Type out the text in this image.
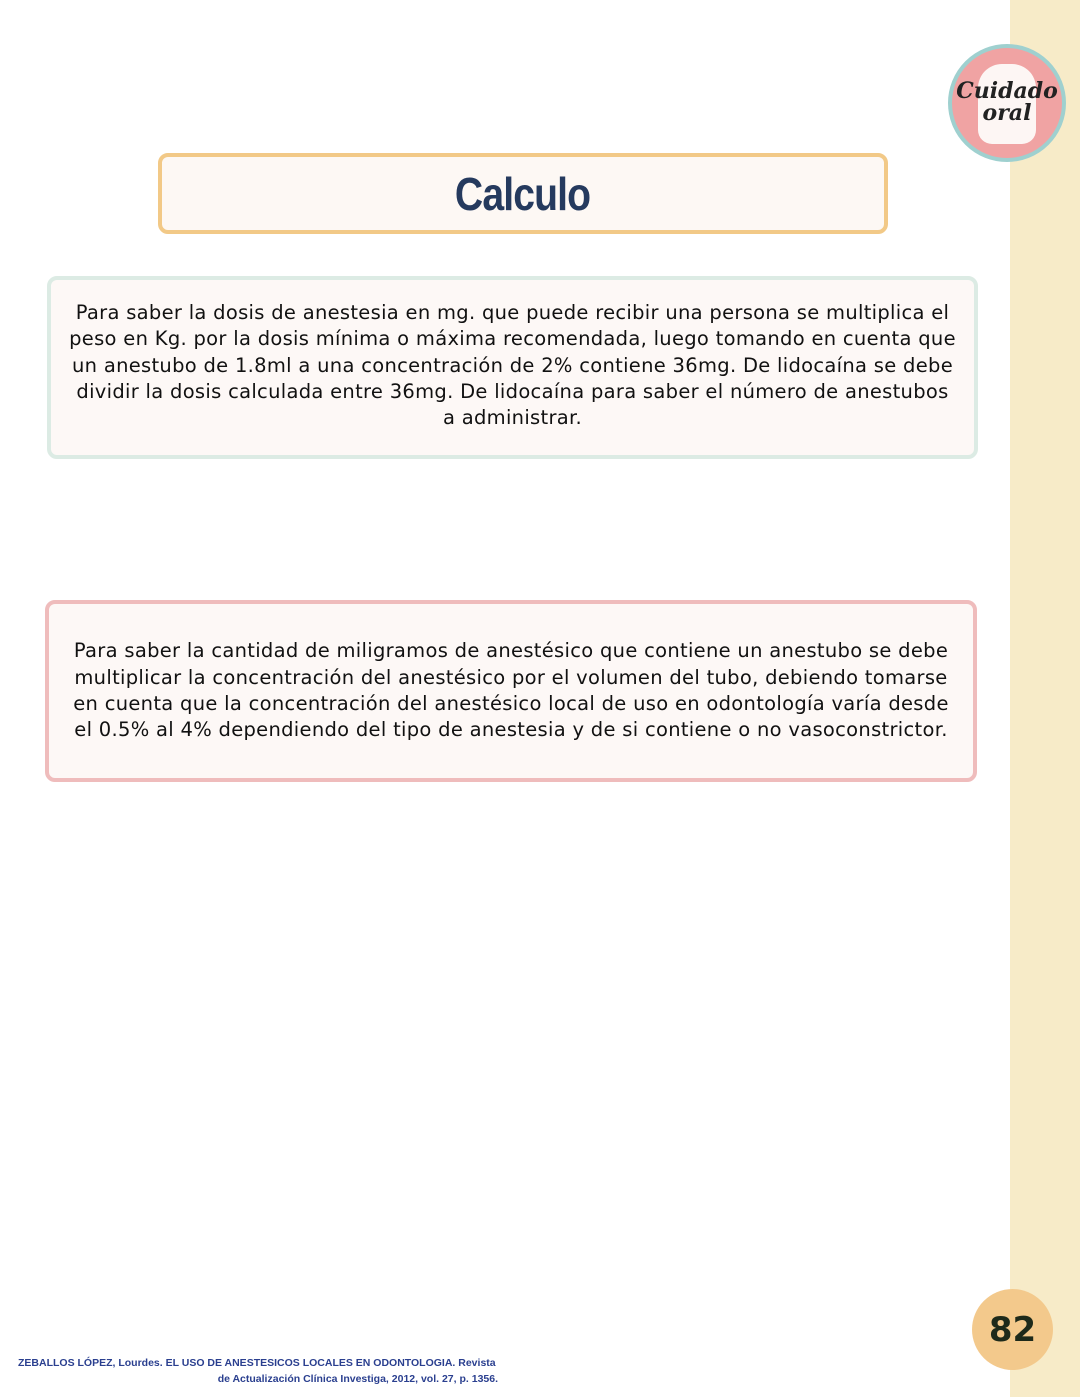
Cuidado
oral
Calculo

Para saber la dosis de anestesia en mg. que puede recibir una persona se multiplica el peso en Kg. por la dosis mínima o máxima recomendada, luego tomando en cuenta que un anestubo de 1.8ml a una concentración de 2% contiene 36mg. De lidocaína se debe dividir la dosis calculada entre 36mg. De lidocaína para saber el número de anestubos a administrar.

Para saber la cantidad de miligramos de anestésico que contiene un anestubo se debe multiplicar la concentración del anestésico por el volumen del tubo, debiendo tomarse en cuenta que la concentración del anestésico local de uso en odontología varía desde el 0.5% al 4% dependiendo del tipo de anestesia y de si contiene o no vasoconstrictor.

ZEBALLOS LÓPEZ, Lourdes. EL USO DE ANESTESICOS LOCALES EN ODONTOLOGIA. Revista
de Actualización Clínica Investiga, 2012, vol. 27, p. 1356.
82
